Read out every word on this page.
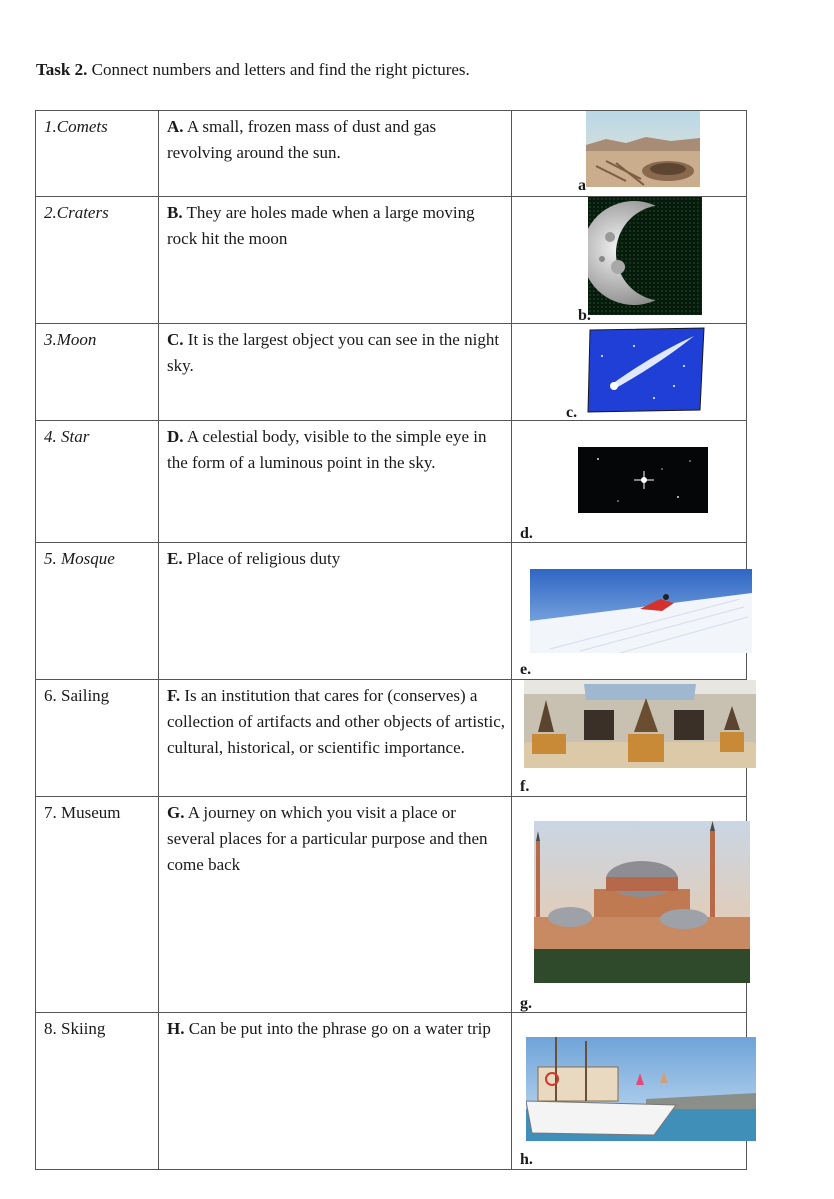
Task 2. Connect numbers and letters and find the right pictures.
1.Comets	A. A small, frozen mass of dust and gas revolving around the sun.	a

2.Craters	B. They are holes made when a large moving rock hit the moon	b.

3.Moon	C. It is the largest object you can see in the night sky.	c.

4. Star	D. A celestial body, visible to the simple eye in the form of a luminous point in the sky.	d.

5. Mosque	E. Place of religious duty	e.

6. Sailing	F. Is an institution that cares for (conserves) a collection of artifacts and other objects of artistic, cultural, historical, or scientific importance.	f.

7. Museum	G. A journey on which you visit a place or several places for a particular purpose and then come back	g.

8. Skiing	H. Can be put into the phrase go on a water trip	h.
